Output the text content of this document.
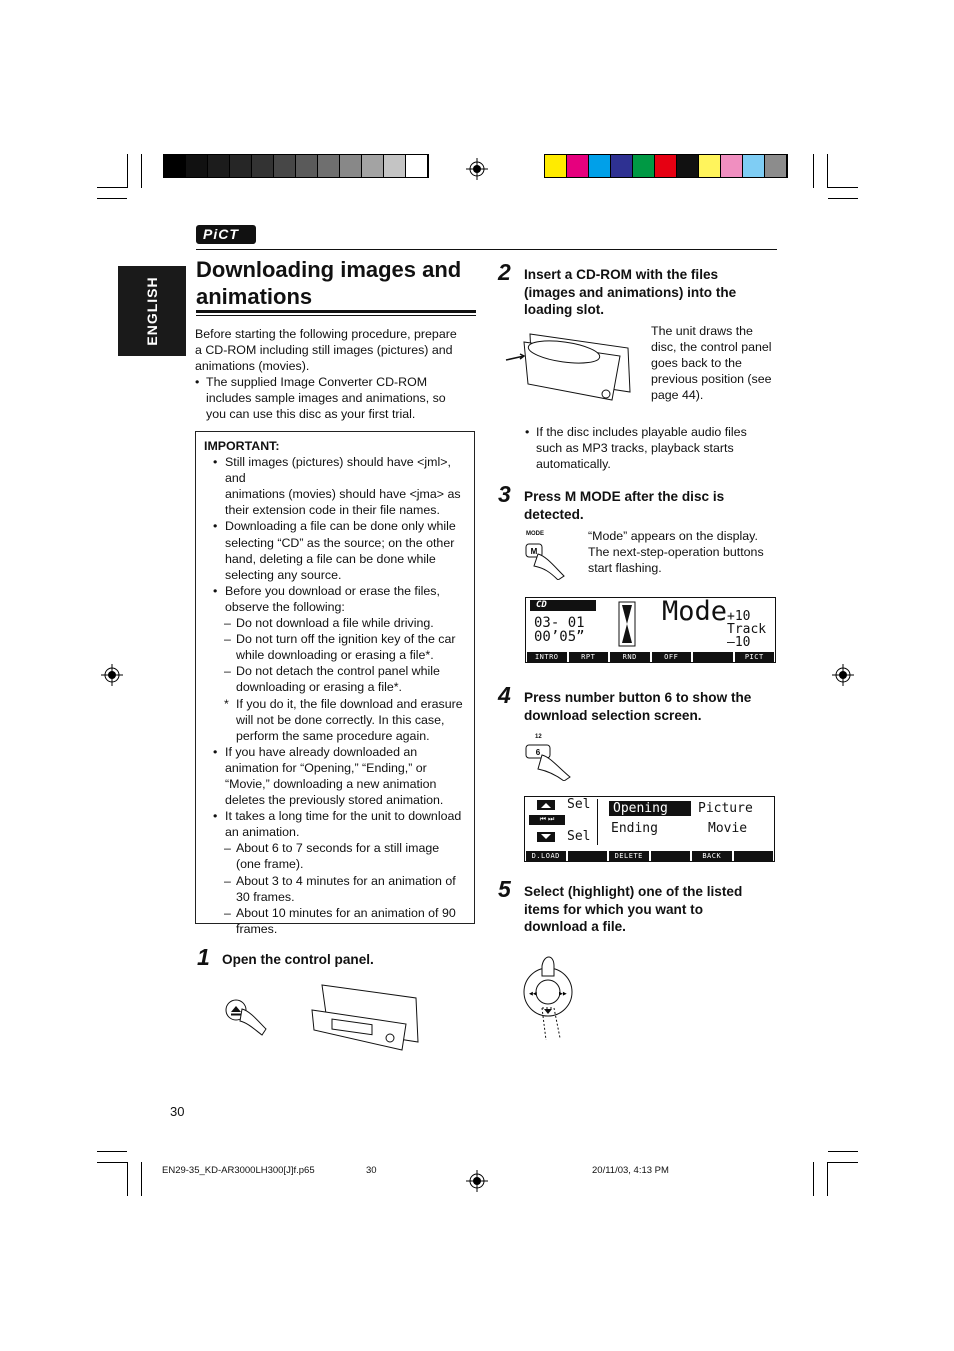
PiCT
ENGLISH
Downloading images and
animations
Before starting the following procedure, prepare
a CD-ROM including still images (pictures) and
animations (movies).
• The supplied Image Converter CD-ROM
includes sample images and animations, so
you can use this disc as your first trial.
IMPORTANT:
• Still images (pictures) should have <jml>, and
animations (movies) should have <jma> as
their extension code in their file names.
• Downloading a file can be done only while
selecting “CD” as the source; on the other
hand, deleting a file can be done while
selecting any source.
• Before you download or erase the files,
observe the following:
– Do not download a file while driving.
– Do not turn off the ignition key of the car
while downloading or erasing a file*.
– Do not detach the control panel while
downloading or erasing a file*.
* If you do it, the file download and erasure
will not be done correctly. In this case,
perform the same procedure again.
• If you have already downloaded an
animation for “Opening,” “Ending,” or
“Movie,” downloading a new animation
deletes the previously stored animation.
• It takes a long time for the unit to download
an animation.
– About 6 to 7 seconds for a still image
(one frame).
– About 3 to 4 minutes for an animation of
30 frames.
– About 10 minutes for an animation of 90
frames.
1 Open the control panel.
2 Insert a CD-ROM with the files
(images and animations) into the
loading slot.
The unit draws the
disc, the control panel
goes back to the
previous position (see
page 44).
• If the disc includes playable audio files
such as MP3 tracks, playback starts
automatically.
3 Press M MODE after the disc is
detected.
MODE
M
“Mode” appears on the display.
The next-step-operation buttons
start flashing.
CD
03- 01
00’05”
Mode +10
Track
–10
INTRO	RPT	RND	OFF	PICT
4 Press number button 6 to show the
download selection screen.
12
6
Sel
⏮ ⏭
Sel
Opening
Ending
Picture
Movie
D.LOAD	DELETE	BACK
5 Select (highlight) one of the listed
items for which you want to
download a file.
◀◀	▶▶
30
EN29-35_KD-AR3000LH300[J]f.p65	30	20/11/03, 4:13 PM
